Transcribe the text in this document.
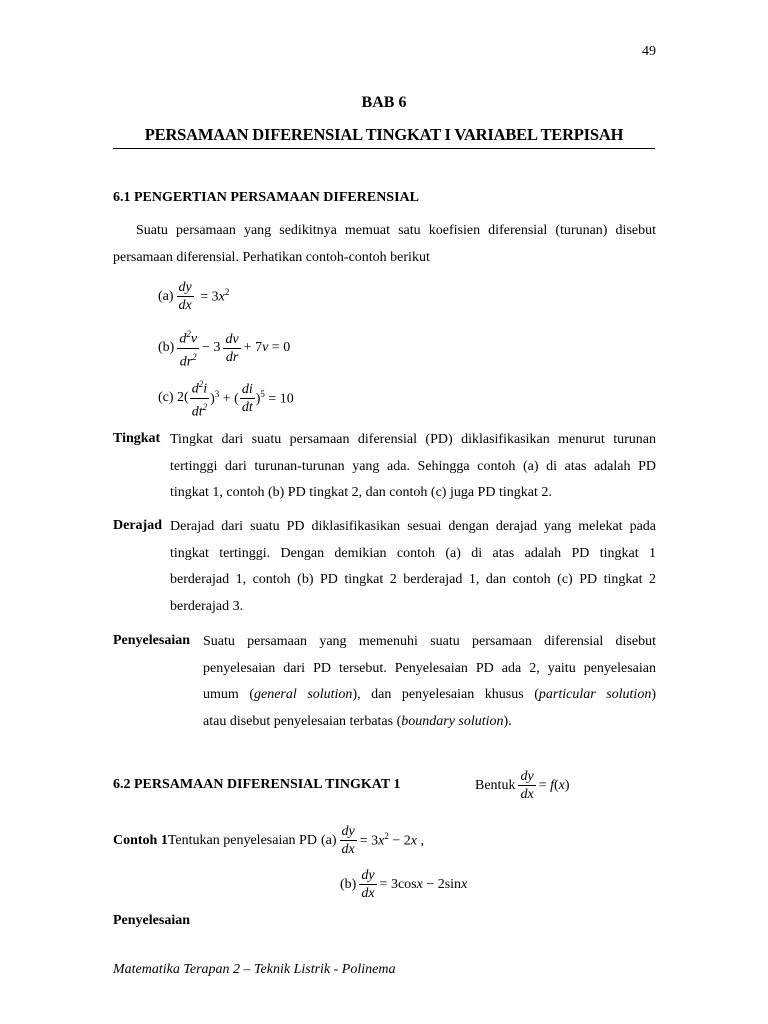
49
BAB 6
PERSAMAAN DIFERENSIAL TINGKAT I VARIABEL TERPISAH
6.1 PENGERTIAN PERSAMAAN DIFERENSIAL
Suatu persamaan yang sedikitnya memuat satu koefisien diferensial (turunan) disebut
persamaan diferensial. Perhatikan contoh-contoh berikut
$(a) \frac{dy}{dx} = 3x^2$
$(b) \frac{d^2v}{dr^2} - 3 \frac{dv}{dr} + 7v = 0$
(c) $2( \frac{d^2i}{dt^2} )^3$ + ( $\frac{di}{dt} )^5 = 10$
Tingkat Tingkat dari suatu persamaan diferensial (PD) diklasifikasikan menurut turunan
tertinggi dari turunan-turunan yang ada. Sehingga contoh (a) di atas adalah PD
tingkat 1, contoh (b) PD tingkat 2, dan contoh (c) juga PD tingkat 2.
Derajad Derajad dari suatu PD diklasifikasikan sesuai dengan derajad yang melekat pada
tingkat tertinggi. Dengan demikian contoh (a) di atas adalah PD tingkat 1
berderajad 1, contoh (b) PD tingkat 2 berderajad 1, dan contoh (c) PD tingkat 2
berderajad 3.
Penyelesaian Suatu persamaan yang memenuhi suatu persamaan diferensial disebut
penyelesaian dari PD tersebut. Penyelesaian PD ada 2, yaitu penyelesaian
umum (general solution), dan penyelesaian khusus (particular solution)
atau disebut penyelesaian terbatas (boundary solution).
6.2 PERSAMAAN DIFERENSIAL TINGKAT 1	Bentuk $\frac{dy}{dx} = f(x)$
Contoh 1 Tentukan penyelesaian PD $(a) \frac{dy}{dx} = 3x^2 - 2x$ ,
$(b) \frac{dy}{dx} = 3\cos x - 2\sin x$
Penyelesaian
Matematika Terapan 2 – Teknik Listrik - Polinema
